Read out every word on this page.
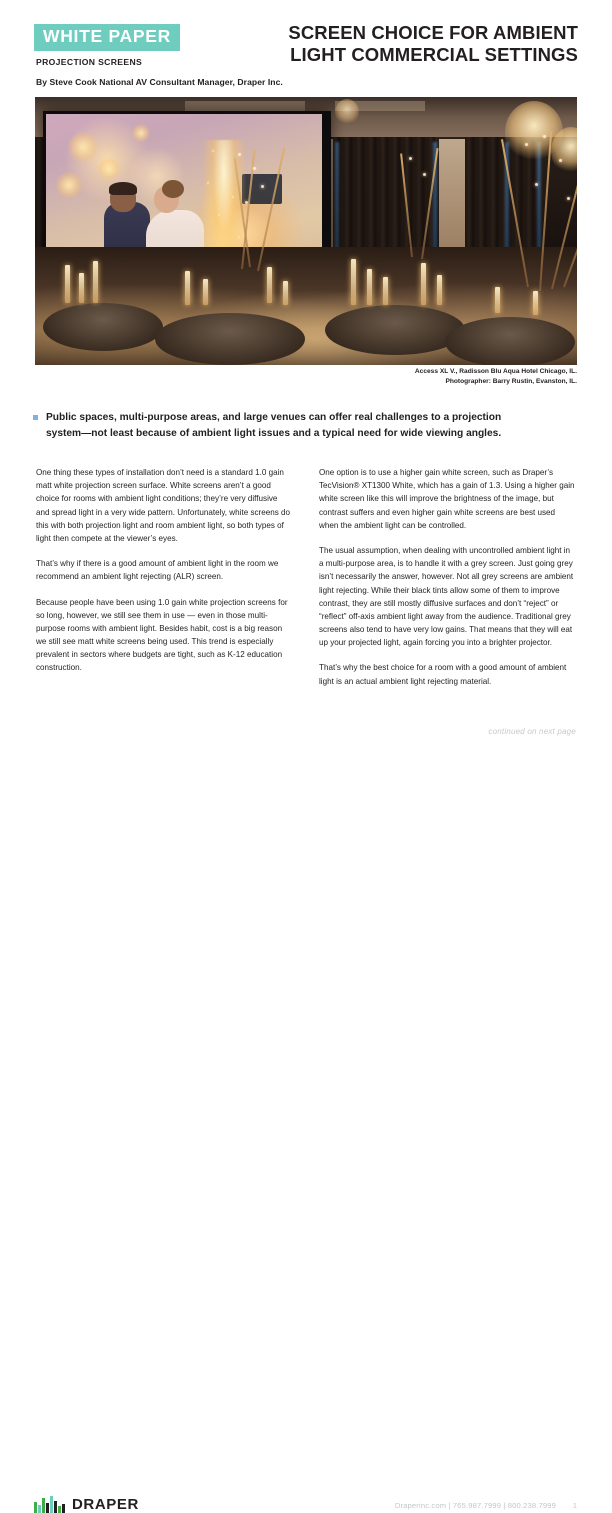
WHITE PAPER
PROJECTION SCREENS
By Steve Cook National AV Consultant Manager, Draper Inc.
SCREEN CHOICE FOR AMBIENT LIGHT COMMERCIAL SETTINGS
Access XL V., Radisson Blu Aqua Hotel Chicago, IL.
Photographer: Barry Rustin, Evanston, IL.
Public spaces, multi-purpose areas, and large venues can offer real challenges to a projection system—not least because of ambient light issues and a typical need for wide viewing angles.

One thing these types of installation don’t need is a standard 1.0 gain matt white projection screen surface. White screens aren’t a good choice for rooms with ambient light conditions; they’re very diffusive and spread light in a very wide pattern. Unfortunately, white screens do this with both projection light and room ambient light, so both types of light then compete at the viewer’s eyes.

That’s why if there is a good amount of ambient light in the room we recommend an ambient light rejecting (ALR) screen.

Because people have been using 1.0 gain white projection screens for so long, however, we still see them in use — even in those multi-purpose rooms with ambient light. Besides habit, cost is a big reason we still see matt white screens being used. This trend is especially prevalent in sectors where budgets are tight, such as K-12 education construction.

One option is to use a higher gain white screen, such as Draper’s TecVision® XT1300 White, which has a gain of 1.3. Using a higher gain white screen like this will improve the brightness of the image, but contrast suffers and even higher gain white screens are best used when the ambient light can be controlled.

The usual assumption, when dealing with uncontrolled ambient light in a multi-purpose area, is to handle it with a grey screen. Just going grey isn’t necessarily the answer, however. Not all grey screens are ambient light rejecting. While their black tints allow some of them to improve contrast, they are still mostly diffusive surfaces and don’t “reject” or “reflect” off-axis ambient light away from the audience. Traditional grey screens also tend to have very low gains. That means that they will eat up your projected light, again forcing you into a brighter projector.

That’s why the best choice for a room with a good amount of ambient light is an actual ambient light rejecting material.

continued on next page
DRAPER	Draperinc.com | 765.987.7999 | 800.238.7999 1
